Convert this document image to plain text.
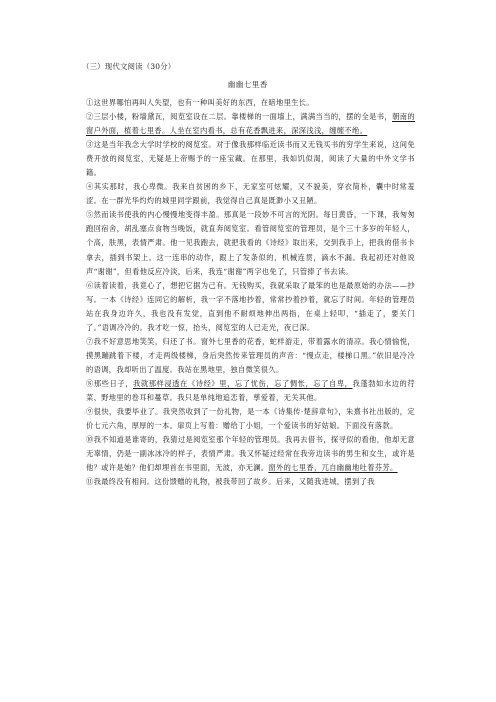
（三）现代文阅读（30分）
幽幽七里香

①这世界哪怕再叫人失望，也有一种叫美好的东西，在暗地里生长。

②三层小楼，粉墙黛瓦，阅览室设在二层。靠楼梯的一面墙上，满满当当的，摆的全是书，朝南的窗户外面，植着七里香。人坐在室内看书，总有花香飘进来，深深浅浅，缠缠不绝。

③这是当年我念大学时学校的阅览室。对于像我那样临近读书而又无钱买书的穷学生来说，这间免费开放的阅览室，无疑是上帝赐予的一座宝藏。在那里，我如饥似渴，阅读了大量的中外文学书籍。

④其实那时，我心卑微。我来自贫困的乡下，无家室可炫耀，又不貌美，穿衣简朴，囊中时常羞涩。在一群光华灼灼的城里同学跟前，我觉得自己真是既渺小又丑陋。

⑤然而读书使我的内心慢慢地变得丰盈。那真是一段妙不可言的光阴。每日黄昏，一下课，我匆匆跑回宿舍，胡乱塞点食物当晚饭，就直奔阅览室。看管阅览室的管理员，是个三十多岁的年轻人，个高，肤黑，表情严肃。他一见我跑去，就把我看的《诗经》取出来，交到我手上，把我的借书卡拿去，插到书架上。这一连串的动作，跟上了发条似的，机械连贯，滴水不漏。我起初还对他说声“谢谢”，但看他反应冷淡，后来，我连“谢谢”两字也免了，只管捧了书去读。

⑥读着读着，我竟心了，想把它据为己有。无钱购买，我就采取了最笨的也是最原始的办法——抄写。一本《诗经》连同它的解析，我一字不落地抄着，常常抄着抄着，就忘了时间。年轻的管理员站在我身边许久，我也没有发觉，直到他不耐烦地伸出两指，在桌上轻叩，“插走了，要关门了。”语调冷冷的。我才吃一惊，抬头，阅览室的人已走光，夜已深。

⑦我不好意思地笑笑，归还了书。窗外七里香的花香，蛇样游走，带着露水的清凉。我心情愉悦，摸黑蹦跳着下楼，才走两级楼梯，身后突然传来管理员的声音：“慢点走，楼梯口黑。”依旧是冷冷的语调，我却听出了温度。我站在黑地里，独自微笑很久。

⑧那些日子，我就那样浸透在《诗经》里，忘了忧伤，忘了惆怅，忘了自卑，我蓬勃如水边的荇菜、野地里的卷耳和蔓草。我只是单纯地追恋着，孳爱着，无关其他。

⑨很快，我要毕业了。我突然收到了一份礼物，是一本《诗集传·楚辞章句》，朱熹书社出版的，定价七元六角，厚厚的一本。扉页上写着：赠给丁小姐，一个爱读书的好姑娘。下面没有落款。

⑩我不知道是谁寄的，我猜过是阅览室那个年轻的管理员。我再去借书，探寻似的看他，他却无意无辜情，仍是一副冰冰冷的样子，表情严肃。我又怀疑过经常在我旁边读书的男生和女生，或许是他？或许是她？他们却埋首在书里面，无波，亦无澜。窗外的七里香，兀自幽幽地吐着芬芳。

⑪我最终没有相问。这份馈赠的礼物，被我带回了故乡。后来，又随我进城，摆到了我
